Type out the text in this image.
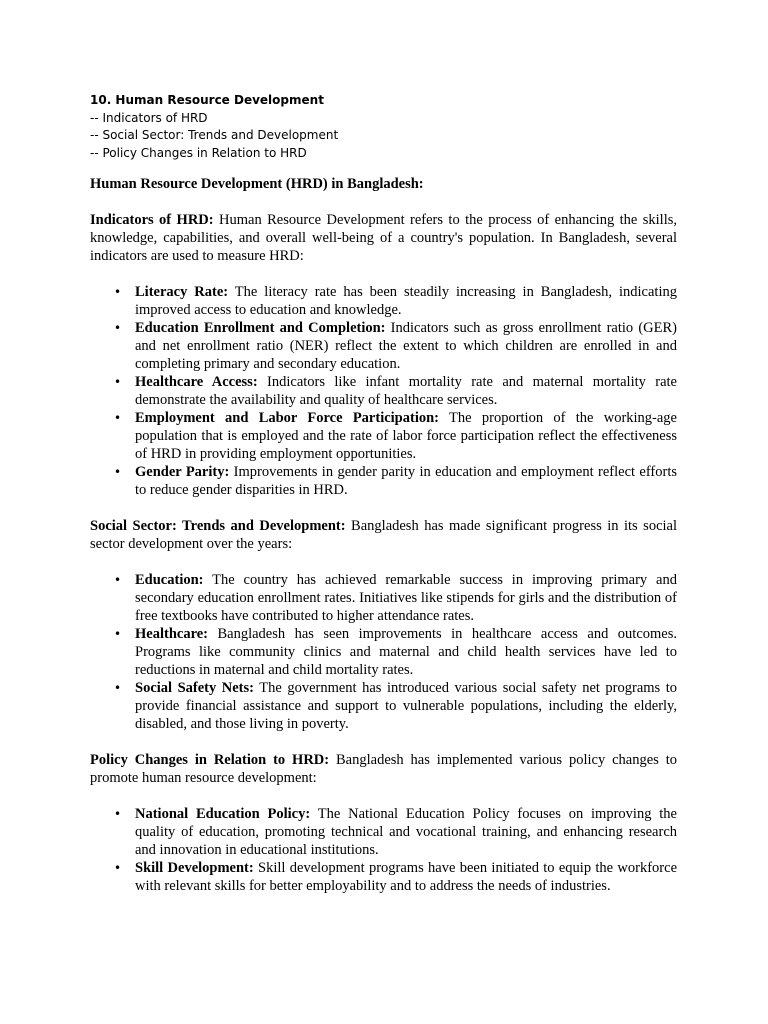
10. Human Resource Development
-- Indicators of HRD
-- Social Sector: Trends and Development
-- Policy Changes in Relation to HRD
Human Resource Development (HRD) in Bangladesh:

Indicators of HRD: Human Resource Development refers to the process of enhancing the skills, knowledge, capabilities, and overall well-being of a country's population. In Bangladesh, several indicators are used to measure HRD:

• Literacy Rate: The literacy rate has been steadily increasing in Bangladesh, indicating improved access to education and knowledge.
• Education Enrollment and Completion: Indicators such as gross enrollment ratio (GER) and net enrollment ratio (NER) reflect the extent to which children are enrolled in and completing primary and secondary education.
• Healthcare Access: Indicators like infant mortality rate and maternal mortality rate demonstrate the availability and quality of healthcare services.
• Employment and Labor Force Participation: The proportion of the working-age population that is employed and the rate of labor force participation reflect the effectiveness of HRD in providing employment opportunities.
• Gender Parity: Improvements in gender parity in education and employment reflect efforts to reduce gender disparities in HRD.

Social Sector: Trends and Development: Bangladesh has made significant progress in its social sector development over the years:

• Education: The country has achieved remarkable success in improving primary and secondary education enrollment rates. Initiatives like stipends for girls and the distribution of free textbooks have contributed to higher attendance rates.
• Healthcare: Bangladesh has seen improvements in healthcare access and outcomes. Programs like community clinics and maternal and child health services have led to reductions in maternal and child mortality rates.
• Social Safety Nets: The government has introduced various social safety net programs to provide financial assistance and support to vulnerable populations, including the elderly, disabled, and those living in poverty.

Policy Changes in Relation to HRD: Bangladesh has implemented various policy changes to promote human resource development:

• National Education Policy: The National Education Policy focuses on improving the quality of education, promoting technical and vocational training, and enhancing research and innovation in educational institutions.
• Skill Development: Skill development programs have been initiated to equip the workforce with relevant skills for better employability and to address the needs of industries.
